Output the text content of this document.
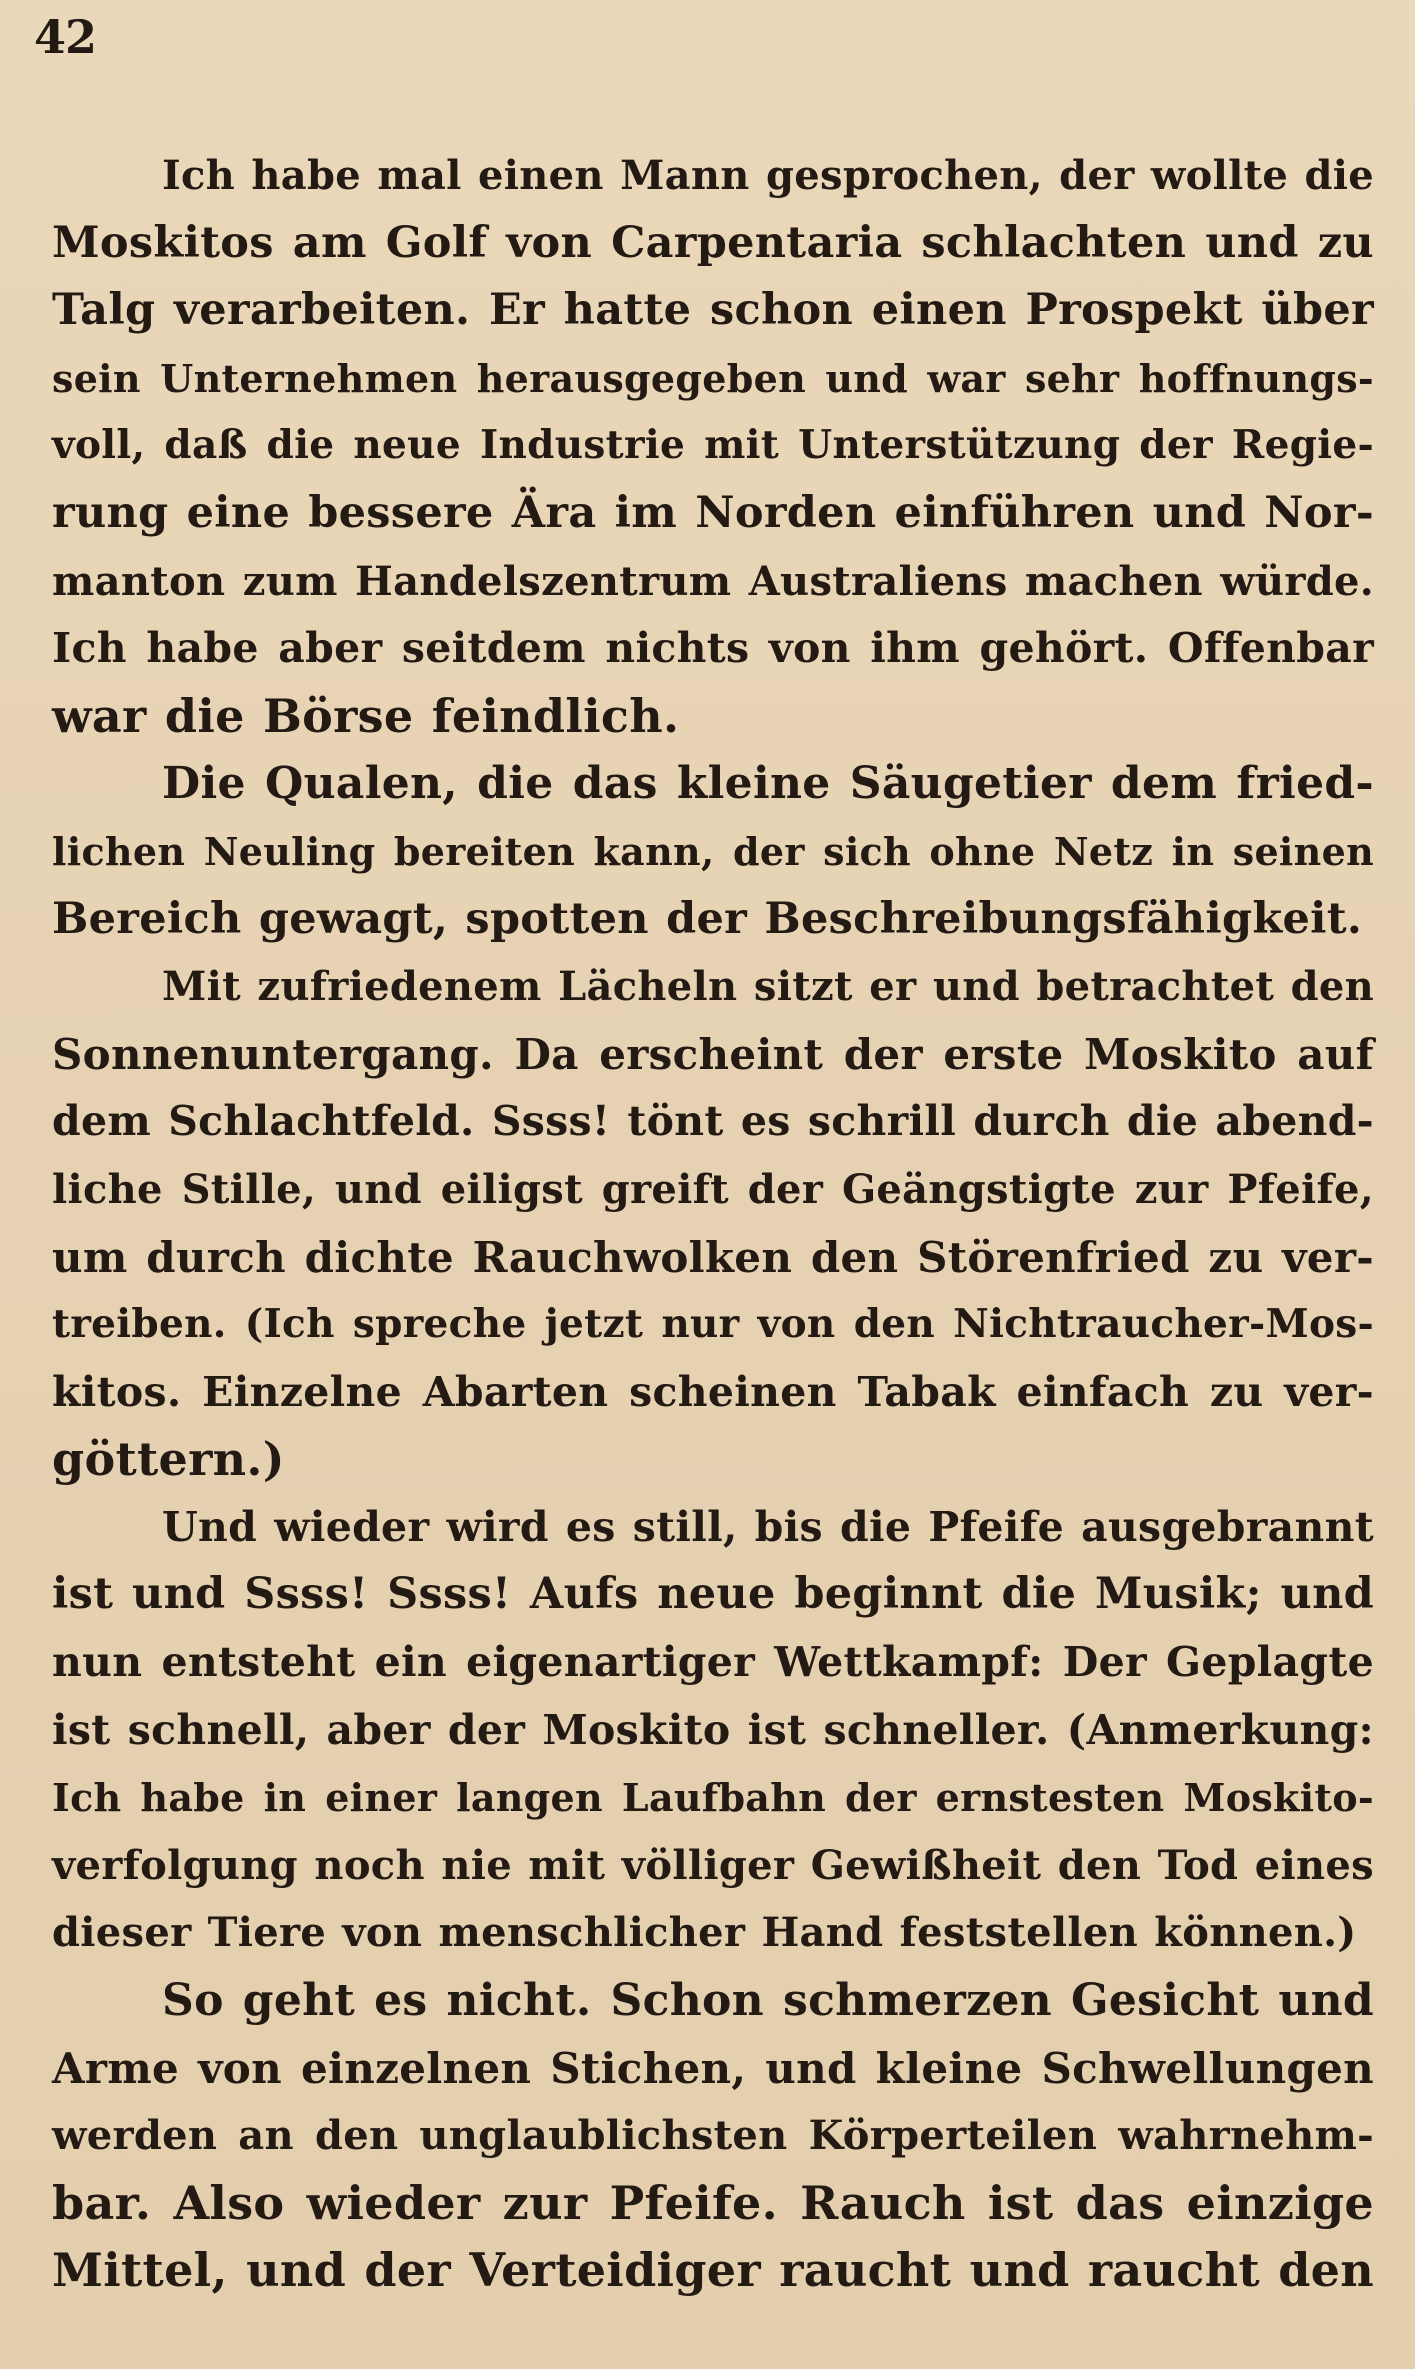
42
Ich habe mal einen Mann gesprochen, der wollte die
Moskitos am Golf von Carpentaria schlachten und zu
Talg verarbeiten. Er hatte schon einen Prospekt über
sein Unternehmen herausgegeben und war sehr hoffnungs-
voll, daß die neue Industrie mit Unterstützung der Regie-
rung eine bessere Ära im Norden einführen und Nor-
manton zum Handelszentrum Australiens machen würde.
Ich habe aber seitdem nichts von ihm gehört. Offenbar
war die Börse feindlich.
Die Qualen, die das kleine Säugetier dem fried-
lichen Neuling bereiten kann, der sich ohne Netz in seinen
Bereich gewagt, spotten der Beschreibungsfähigkeit.
Mit zufriedenem Lächeln sitzt er und betrachtet den
Sonnenuntergang. Da erscheint der erste Moskito auf
dem Schlachtfeld. Ssss! tönt es schrill durch die abend-
liche Stille, und eiligst greift der Geängstigte zur Pfeife,
um durch dichte Rauchwolken den Störenfried zu ver-
treiben. (Ich spreche jetzt nur von den Nichtraucher-Mos-
kitos. Einzelne Abarten scheinen Tabak einfach zu ver-
göttern.)
Und wieder wird es still, bis die Pfeife ausgebrannt
ist und Ssss! Ssss! Aufs neue beginnt die Musik; und
nun entsteht ein eigenartiger Wettkampf: Der Geplagte
ist schnell, aber der Moskito ist schneller. (Anmerkung:
Ich habe in einer langen Laufbahn der ernstesten Moskito-
verfolgung noch nie mit völliger Gewißheit den Tod eines
dieser Tiere von menschlicher Hand feststellen können.)
So geht es nicht. Schon schmerzen Gesicht und
Arme von einzelnen Stichen, und kleine Schwellungen
werden an den unglaublichsten Körperteilen wahrnehm-
bar. Also wieder zur Pfeife. Rauch ist das einzige
Mittel, und der Verteidiger raucht und raucht den
